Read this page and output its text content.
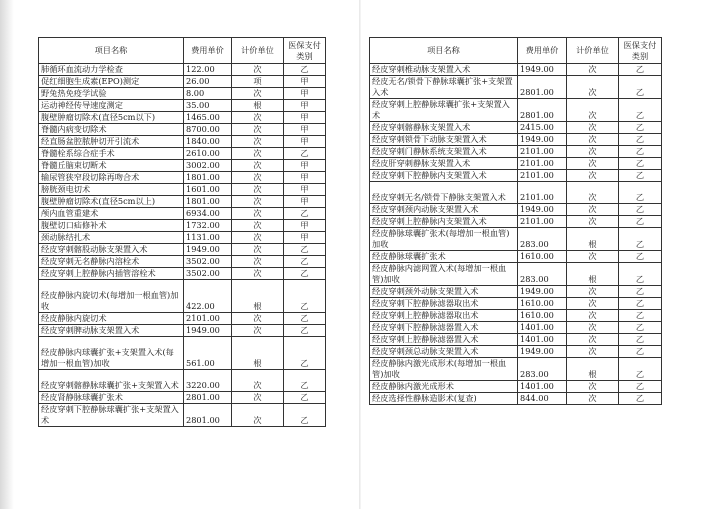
项目名称	费用单价	计价单位	医保支付类别
肺循环血流动力学检查	122.00	次	乙
促红细胞生成素(EPO)测定	26.00	项	甲
野兔热免疫学试验	8.00	次	甲
运动神经传导速度测定	35.00	根	甲
腹壁肿瘤切除术(直径5cm以下)	1465.00	次	甲
脊髓内病变切除术	8700.00	次	甲
经直肠盆腔脓肿切开引流术	1840.00	次	甲
脊髓栓系综合症手术	2610.00	次	乙
脊髓丘脑束切断术	3002.00	次	甲
输尿管狭窄段切除再吻合术	1801.00	次	甲
膀胱颈电切术	1601.00	次	甲
腹壁肿瘤切除术(直径5cm以上)	1801.00	次	甲
颅内血管重建术	6934.00	次	乙
腹壁切口疝修补术	1732.00	次	甲
颈动脉结扎术	1131.00	次	甲
经皮穿刺髂股动脉支架置入术	1949.00	次	乙
经皮穿刺无名静脉内溶栓术	3502.00	次	乙
经皮穿刺上腔静脉内插管溶栓术	3502.00	次	乙
经皮静脉内旋切术(每增加一根血管)加收	422.00	根	乙
经皮静脉内旋切术	2101.00	次	乙
经皮穿刺脾动脉支架置入术	1949.00	次	乙
经皮静脉内球囊扩张+支架置入术(每增加一根血管)加收	561.00	根	乙
经皮穿刺髂静脉球囊扩张+支架置入术	3220.00	次	乙
经皮肾静脉球囊扩张术	2801.00	次	乙
经皮穿刺下腔静脉球囊扩张+支架置入术	2801.00	次	乙
项目名称	费用单价	计价单位	医保支付类别
经皮穿刺椎动脉支架置入术	1949.00	次	乙
经皮无名/锁骨下静脉球囊扩张+支架置入术	2801.00	次	乙
经皮穿刺上腔静脉球囊扩张+支架置入术	2801.00	次	乙
经皮穿刺髂静脉支架置入术	2415.00	次	乙
经皮穿刺锁骨下动脉支架置入术	1949.00	次	乙
经皮穿刺门静脉系统支架置入术	2101.00	次	乙
经皮肝穿刺静脉支架置入术	2101.00	次	乙
经皮穿刺下腔静脉内支架置入术	2101.00	次	乙
经皮穿刺无名/锁骨下静脉支架置入术	2101.00	次	乙
经皮穿刺颈内动脉支架置入术	1949.00	次	乙
经皮穿刺上腔静脉内支架置入术	2101.00	次	乙
经皮静脉球囊扩张术(每增加一根血管)加收	283.00	根	乙
经皮静脉球囊扩张术	1610.00	次	乙
经皮静脉内滤网置入术(每增加一根血管)加收	283.00	根	乙
经皮穿刺颈外动脉支架置入术	1949.00	次	乙
经皮穿刺下腔静脉滤器取出术	1610.00	次	乙
经皮穿刺上腔静脉滤器取出术	1610.00	次	乙
经皮穿刺下腔静脉滤器置入术	1401.00	次	乙
经皮穿刺上腔静脉滤器置入术	1401.00	次	乙
经皮穿刺颈总动脉支架置入术	1949.00	次	乙
经皮静脉内激光成形术(每增加一根血管)加收	283.00	根	乙
经皮静脉内激光成形术	1401.00	次	乙
经皮选择性静脉造影术(复查)	844.00	次	乙
